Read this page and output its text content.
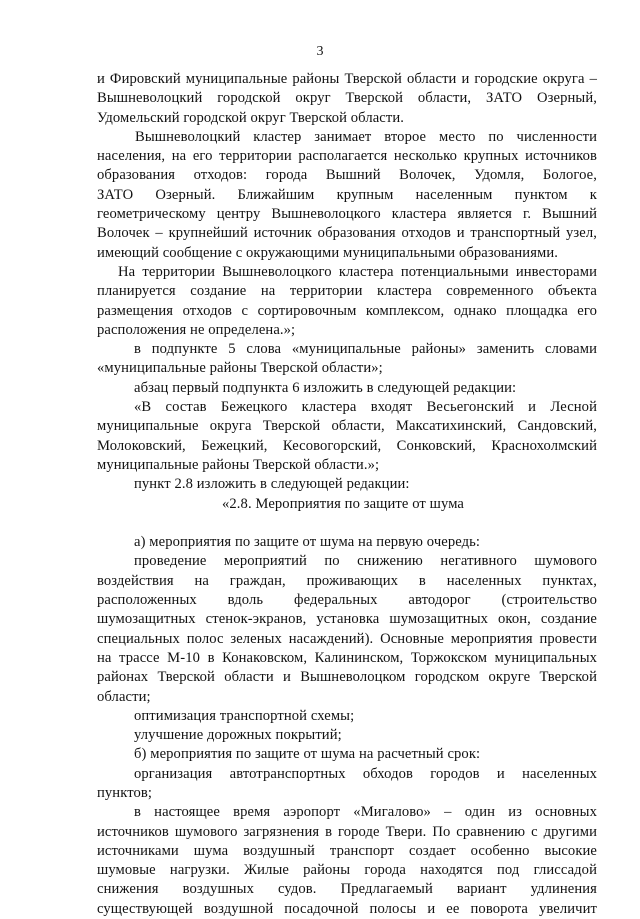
3
и Фировский муниципальные районы Тверской области и городские округа –
Вышневолоцкий городской округ Тверской области, ЗАТО Озерный,
Удомельский городской округ Тверской области.
Вышневолоцкий кластер занимает второе место по численности
населения, на его территории располагается несколько крупных источников
образования отходов: города Вышний Волочек, Удомля, Бологое,
ЗАТО Озерный. Ближайшим крупным населенным пунктом к
геометрическому центру Вышневолоцкого кластера является г. Вышний
Волочек – крупнейший источник образования отходов и транспортный узел,
имеющий сообщение с окружающими муниципальными образованиями.
На территории Вышневолоцкого кластера потенциальными инвесторами
планируется создание на территории кластера современного объекта
размещения отходов с сортировочным комплексом, однако площадка его
расположения не определена.»;
в подпункте 5 слова «муниципальные районы» заменить словами
«муниципальные районы Тверской области»;
абзац первый подпункта 6 изложить в следующей редакции:
«В состав Бежецкого кластера входят Весьегонский и Лесной
муниципальные округа Тверской области, Максатихинский, Сандовский,
Молоковский, Бежецкий, Кесовогорский, Сонковский, Краснохолмский
муниципальные районы Тверской области.»;
пункт 2.8 изложить в следующей редакции:
«2.8. Мероприятия по защите от шума
а) мероприятия по защите от шума на первую очередь:
проведение мероприятий по снижению негативного шумового
воздействия на граждан, проживающих в населенных пунктах,
расположенных вдоль федеральных автодорог (строительство
шумозащитных стенок-экранов, установка шумозащитных окон, создание
специальных полос зеленых насаждений). Основные мероприятия провести
на трассе М-10 в Конаковском, Калининском, Торжокском муниципальных
районах Тверской области и Вышневолоцком городском округе Тверской
области;
оптимизация транспортной схемы;
улучшение дорожных покрытий;
б) мероприятия по защите от шума на расчетный срок:
организация автотранспортных обходов городов и населенных
пунктов;
в настоящее время аэропорт «Мигалово» – один из основных
источников шумового загрязнения в городе Твери. По сравнению с другими
источниками шума воздушный транспорт создает особенно высокие
шумовые нагрузки. Жилые районы города находятся под глиссадой
снижения воздушных судов. Предлагаемый вариант удлинения
существующей воздушной посадочной полосы и ее поворота увеличит
